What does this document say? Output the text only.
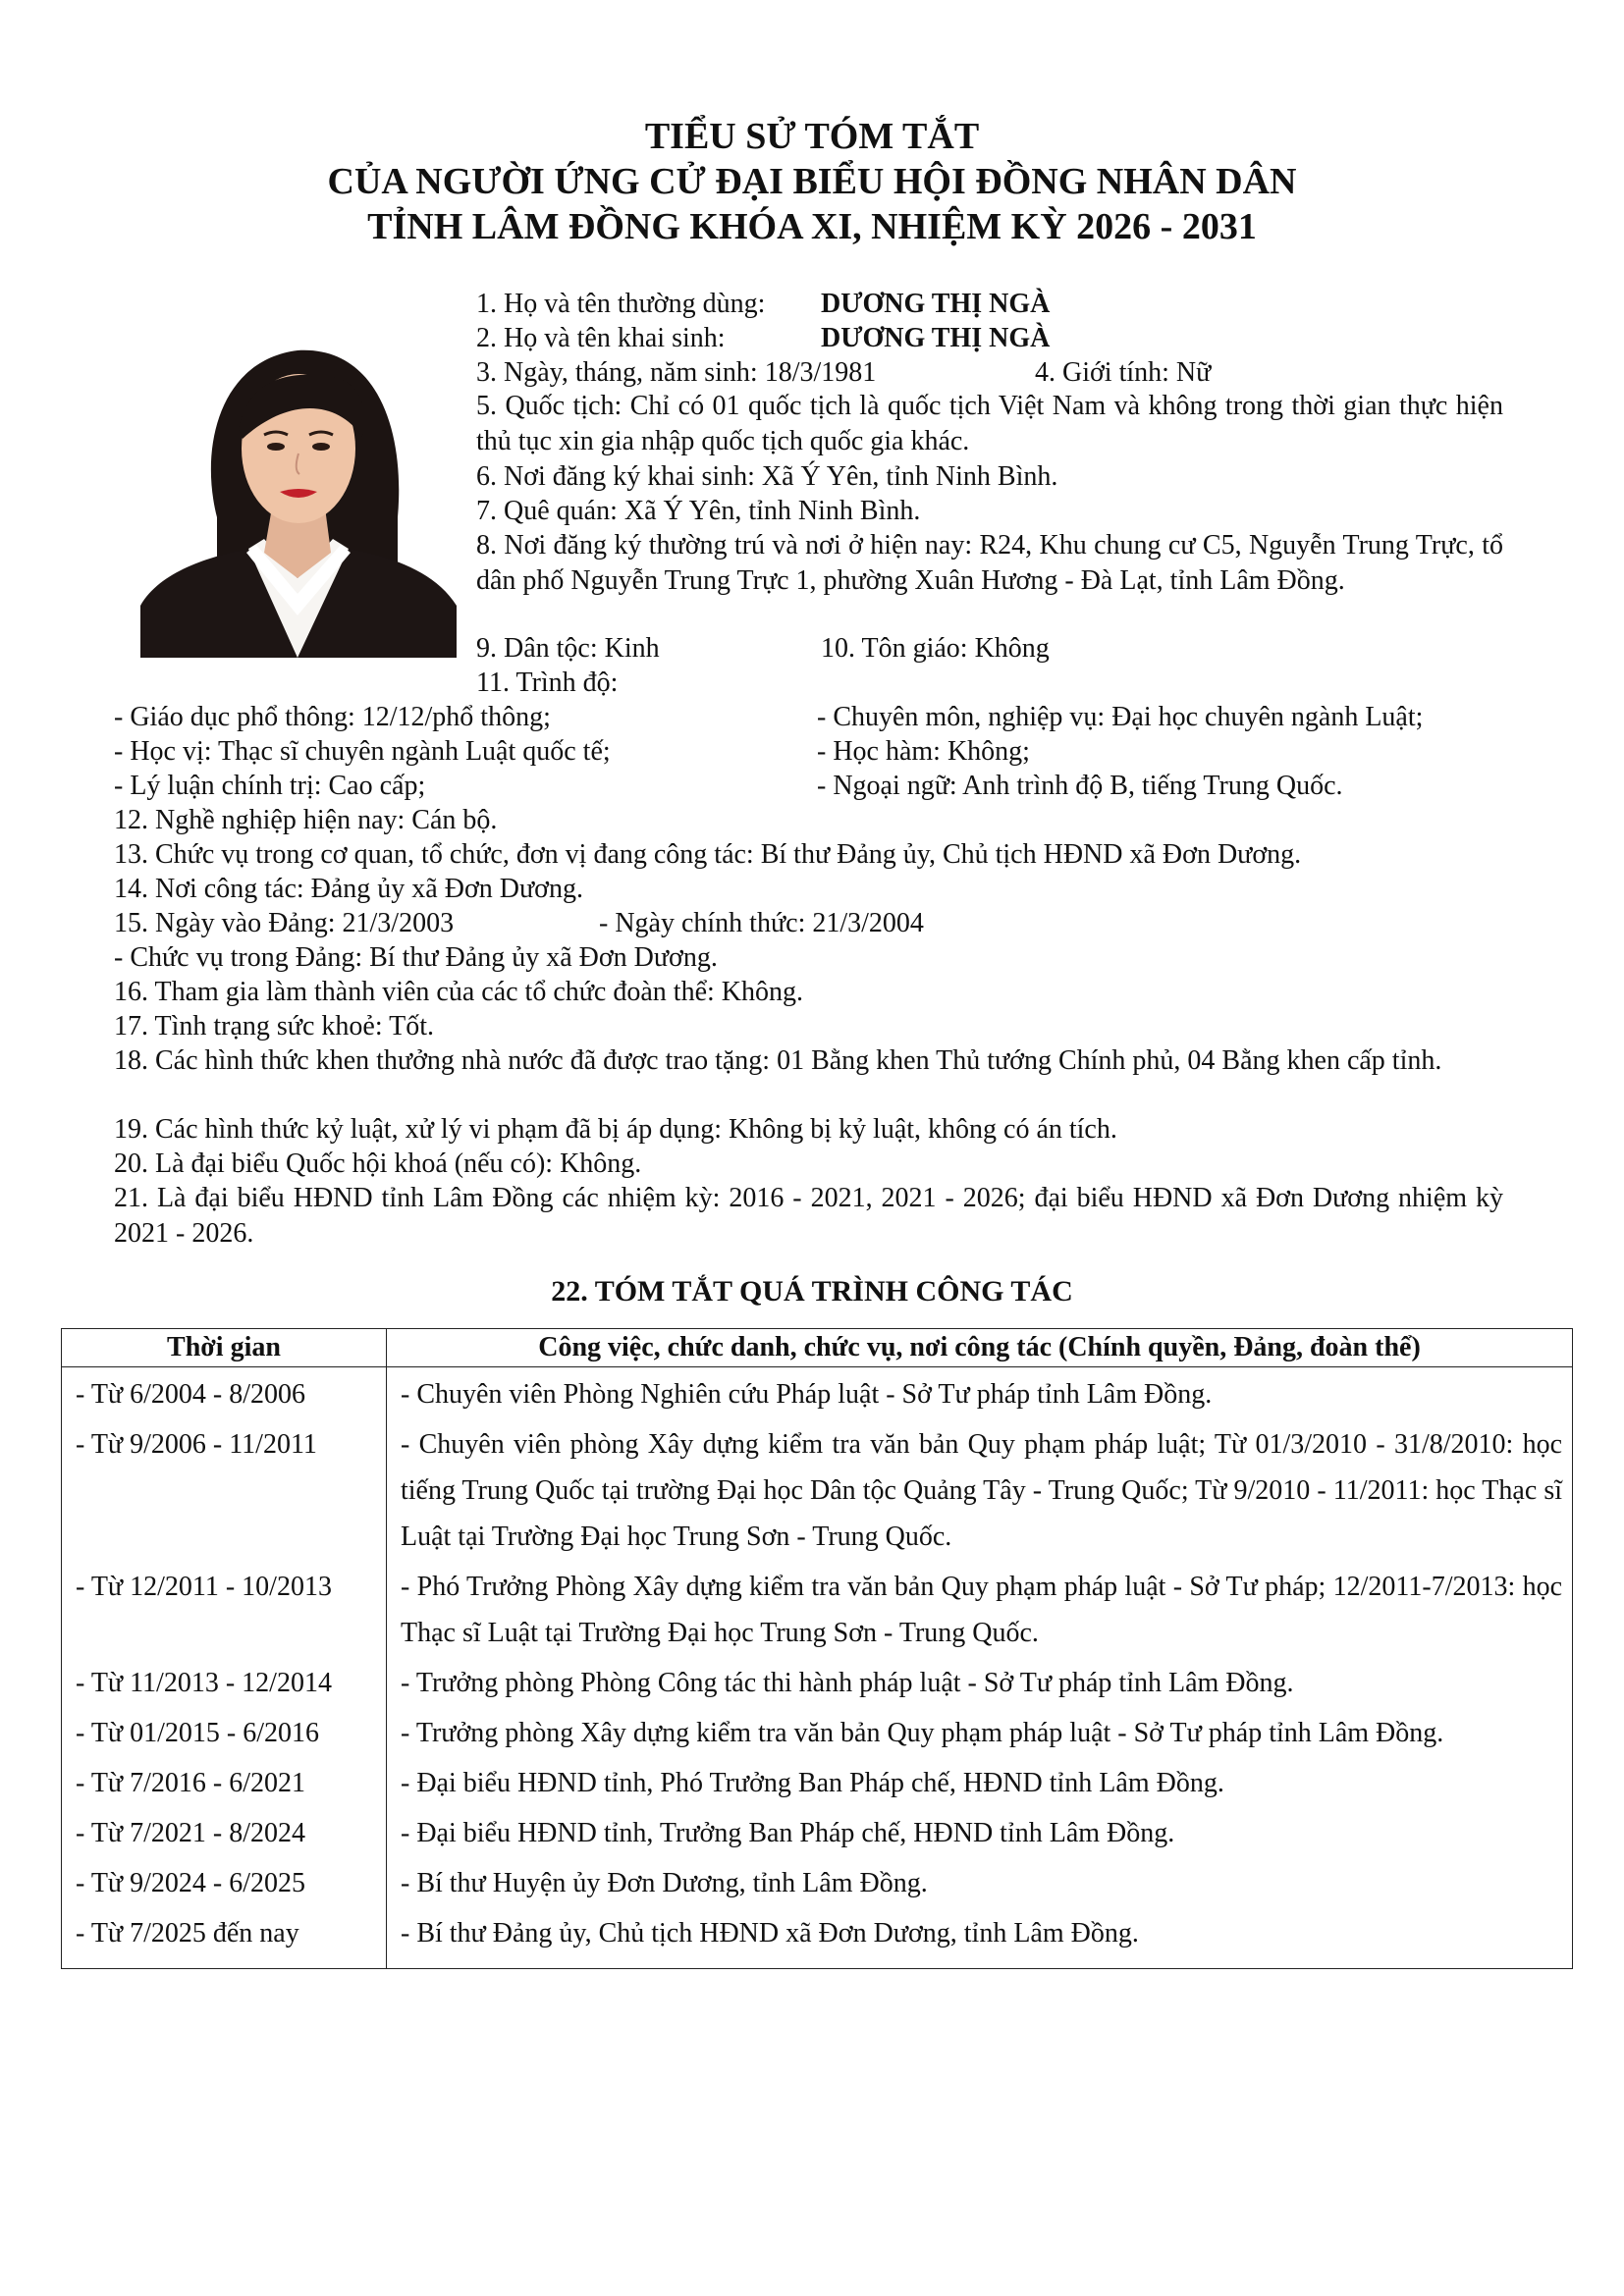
TIỂU SỬ TÓM TẮT
CỦA NGƯỜI ỨNG CỬ ĐẠI BIỂU HỘI ĐỒNG NHÂN DÂN
TỈNH LÂM ĐỒNG KHÓA XI, NHIỆM KỲ 2026 - 2031
1. Họ và tên thường dùng: DƯƠNG THỊ NGÀ
2. Họ và tên khai sinh:	DƯƠNG THỊ NGÀ
3. Ngày, tháng, năm sinh: 18/3/1981	4. Giới tính: Nữ
5. Quốc tịch: Chỉ có 01 quốc tịch là quốc tịch Việt Nam và không trong thời gian thực hiện thủ tục xin gia nhập quốc tịch quốc gia khác.
6. Nơi đăng ký khai sinh: Xã Ý Yên, tỉnh Ninh Bình.
7. Quê quán: Xã Ý Yên, tỉnh Ninh Bình.
8. Nơi đăng ký thường trú và nơi ở hiện nay: R24, Khu chung cư C5, Nguyễn Trung Trực, tổ dân phố Nguyễn Trung Trực 1, phường Xuân Hương - Đà Lạt, tỉnh Lâm Đồng.
9. Dân tộc: Kinh	10. Tôn giáo: Không
11. Trình độ:
- Giáo dục phổ thông: 12/12/phổ thông;	- Chuyên môn, nghiệp vụ: Đại học chuyên ngành Luật;
- Học vị: Thạc sĩ chuyên ngành Luật quốc tế;	- Học hàm: Không;
- Lý luận chính trị: Cao cấp;	- Ngoại ngữ: Anh trình độ B, tiếng Trung Quốc.
12. Nghề nghiệp hiện nay: Cán bộ.
13. Chức vụ trong cơ quan, tổ chức, đơn vị đang công tác: Bí thư Đảng ủy, Chủ tịch HĐND xã Đơn Dương.
14. Nơi công tác: Đảng ủy xã Đơn Dương.
15. Ngày vào Đảng: 21/3/2003	- Ngày chính thức: 21/3/2004
- Chức vụ trong Đảng: Bí thư Đảng ủy xã Đơn Dương.
16. Tham gia làm thành viên của các tổ chức đoàn thể: Không.
17. Tình trạng sức khoẻ: Tốt.
18. Các hình thức khen thưởng nhà nước đã được trao tặng: 01 Bằng khen Thủ tướng Chính phủ, 04 Bằng khen cấp tỉnh.
19. Các hình thức kỷ luật, xử lý vi phạm đã bị áp dụng: Không bị kỷ luật, không có án tích.
20. Là đại biểu Quốc hội khoá (nếu có): Không.
21. Là đại biểu HĐND tỉnh Lâm Đồng các nhiệm kỳ: 2016 - 2021, 2021 - 2026; đại biểu HĐND xã Đơn Dương nhiệm kỳ 2021 - 2026.
22. TÓM TẮT QUÁ TRÌNH CÔNG TÁC
Thời gian	Công việc, chức danh, chức vụ, nơi công tác (Chính quyền, Đảng, đoàn thể)
- Từ 6/2004 - 8/2006	- Chuyên viên Phòng Nghiên cứu Pháp luật - Sở Tư pháp tỉnh Lâm Đồng.
- Từ 9/2006 - 11/2011	- Chuyên viên phòng Xây dựng kiểm tra văn bản Quy phạm pháp luật; Từ 01/3/2010 - 31/8/2010: học tiếng Trung Quốc tại trường Đại học Dân tộc Quảng Tây - Trung Quốc; Từ 9/2010 - 11/2011: học Thạc sĩ Luật tại Trường Đại học Trung Sơn - Trung Quốc.
- Từ 12/2011 - 10/2013	- Phó Trưởng Phòng Xây dựng kiểm tra văn bản Quy phạm pháp luật - Sở Tư pháp; 12/2011-7/2013: học Thạc sĩ Luật tại Trường Đại học Trung Sơn - Trung Quốc.
- Từ 11/2013 - 12/2014	- Trưởng phòng Phòng Công tác thi hành pháp luật - Sở Tư pháp tỉnh Lâm Đồng.
- Từ 01/2015 - 6/2016	- Trưởng phòng Xây dựng kiểm tra văn bản Quy phạm pháp luật - Sở Tư pháp tỉnh Lâm Đồng.
- Từ 7/2016 - 6/2021	- Đại biểu HĐND tỉnh, Phó Trưởng Ban Pháp chế, HĐND tỉnh Lâm Đồng.
- Từ 7/2021 - 8/2024	- Đại biểu HĐND tỉnh, Trưởng Ban Pháp chế, HĐND tỉnh Lâm Đồng.
- Từ 9/2024 - 6/2025	- Bí thư Huyện ủy Đơn Dương, tỉnh Lâm Đồng.
- Từ 7/2025 đến nay	- Bí thư Đảng ủy, Chủ tịch HĐND xã Đơn Dương, tỉnh Lâm Đồng.
